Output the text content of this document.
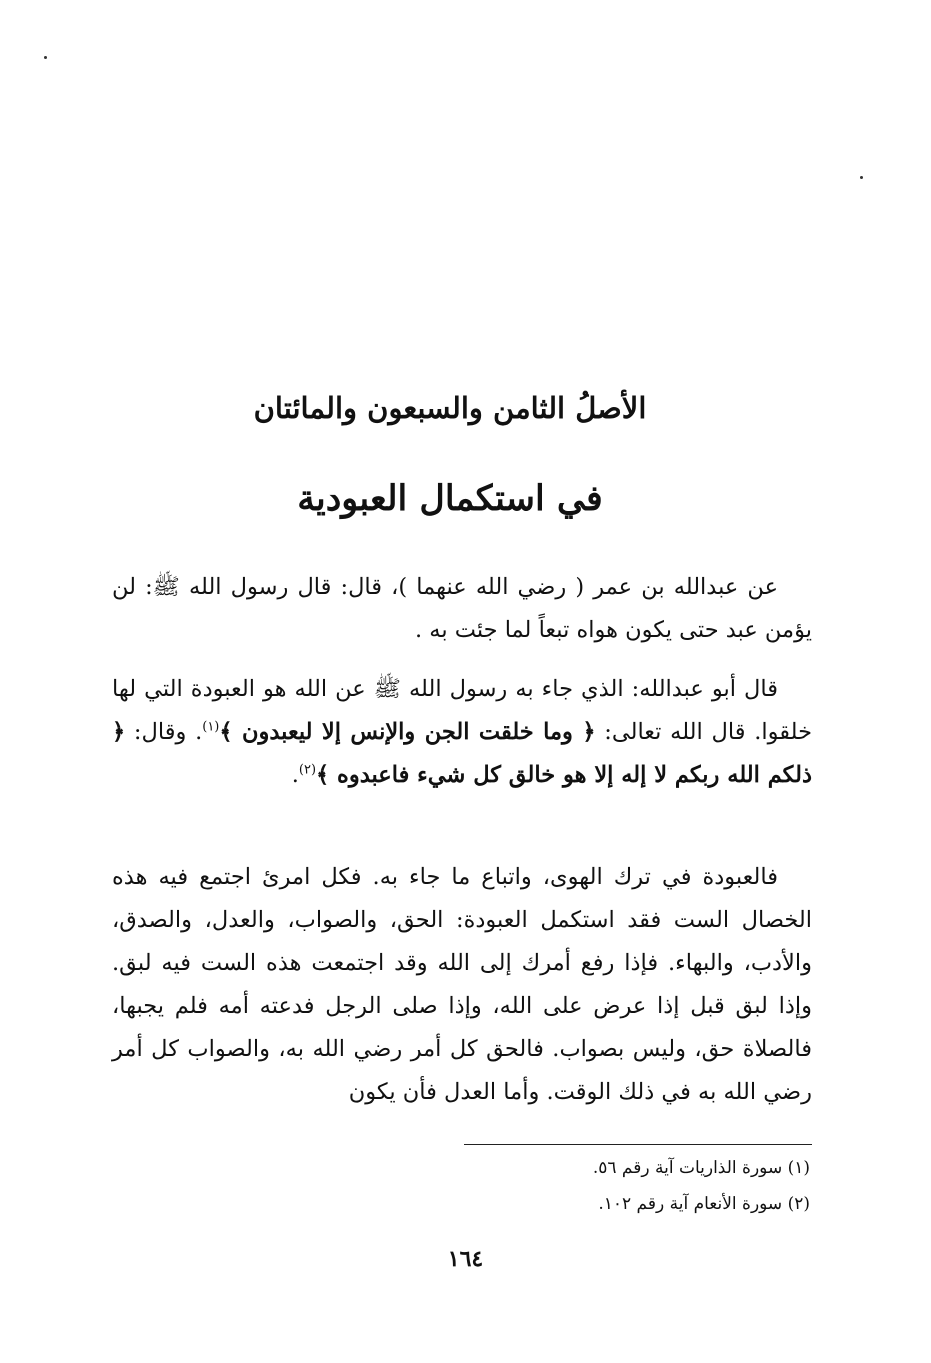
الأصلُ الثامن والسبعون والمائتان
في استكمال العبودية
عن عبدالله بن عمر ( رضي الله عنهما )، قال: قال رسول الله ﷺ: لن يؤمن عبد حتى يكون هواه تبعاً لما جئت به .
قال أبو عبدالله: الذي جاء به رسول الله ﷺ عن الله هو العبودة التي لها خلقوا. قال الله تعالى: ﴿ وما خلقت الجن والإنس إلا ليعبدون ﴾$^{(١)}$. وقال: ﴿ ذلكم الله ربكم لا إله إلا هو خالق كل شيء فاعبدوه ﴾$^{(٢)}$.
فالعبودة في ترك الهوى، واتباع ما جاء به. فكل امرئ اجتمع فيه هذه الخصال الست فقد استكمل العبودة: الحق، والصواب، والعدل، والصدق، والأدب، والبهاء. فإذا رفع أمرك إلى الله وقد اجتمعت هذه الست فيه لبق. وإذا لبق قبل إذا عرض على الله، وإذا صلى الرجل فدعته أمه فلم يجبها، فالصلاة حق، وليس بصواب. فالحق كل أمر رضي الله به، والصواب كل أمر رضي الله به في ذلك الوقت. وأما العدل فأن يكون
(١) سورة الذاريات آية رقم ٥٦.
(٢) سورة الأنعام آية رقم ١٠٢.
١٦٤
